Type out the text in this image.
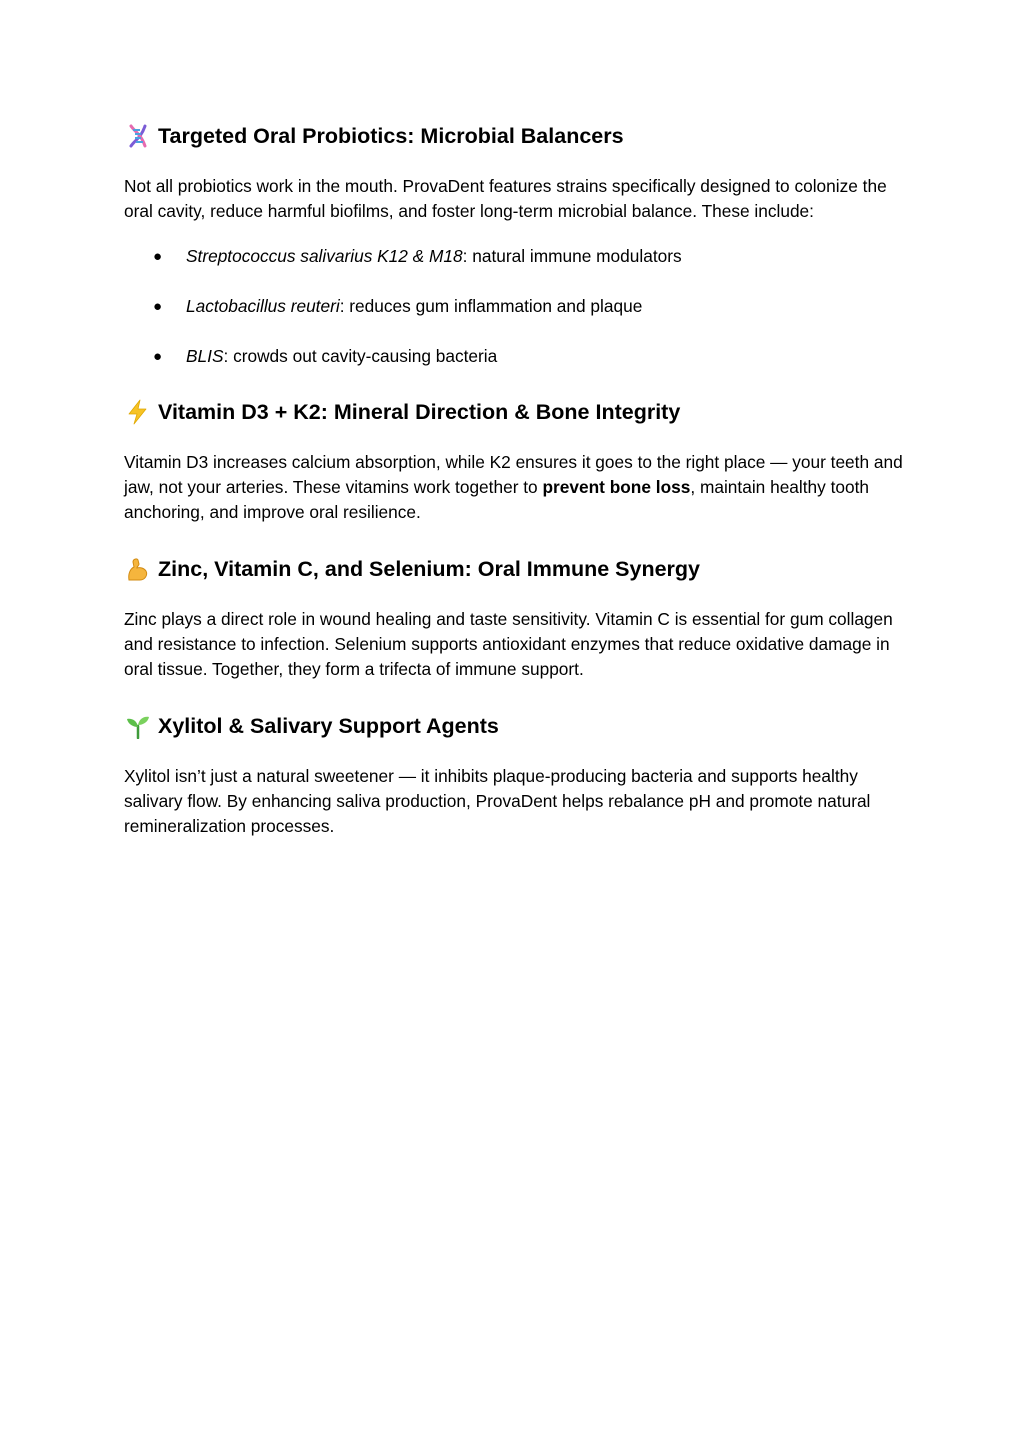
Targeted Oral Probiotics: Microbial Balancers

Not all probiotics work in the mouth. ProvaDent features strains specifically designed to colonize the oral cavity, reduce harmful biofilms, and foster long-term microbial balance. These include:

● Streptococcus salivarius K12 & M18: natural immune modulators
● Lactobacillus reuteri: reduces gum inflammation and plaque
● BLIS: crowds out cavity-causing bacteria
Vitamin D3 + K2: Mineral Direction & Bone Integrity

Vitamin D3 increases calcium absorption, while K2 ensures it goes to the right place — your teeth and jaw, not your arteries. These vitamins work together to prevent bone loss, maintain healthy tooth anchoring, and improve oral resilience.

Zinc, Vitamin C, and Selenium: Oral Immune Synergy

Zinc plays a direct role in wound healing and taste sensitivity. Vitamin C is essential for gum collagen and resistance to infection. Selenium supports antioxidant enzymes that reduce oxidative damage in oral tissue. Together, they form a trifecta of immune support.

Xylitol & Salivary Support Agents

Xylitol isn’t just a natural sweetener — it inhibits plaque-producing bacteria and supports healthy salivary flow. By enhancing saliva production, ProvaDent helps rebalance pH and promote natural remineralization processes.
